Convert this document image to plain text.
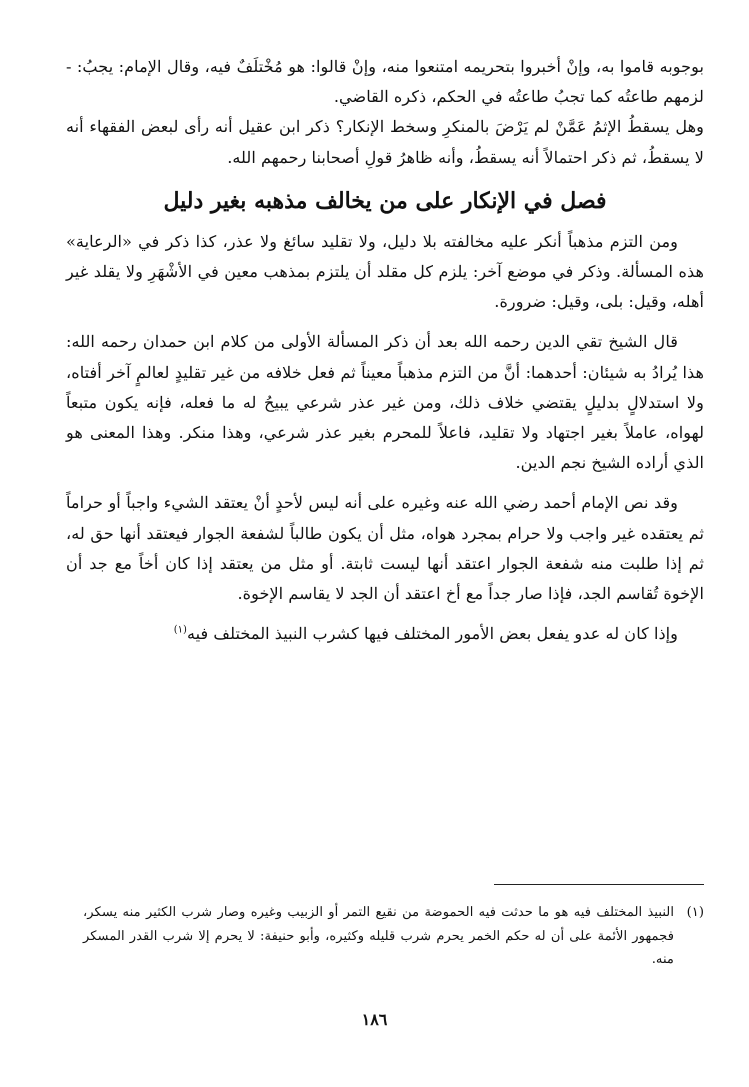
بوجوبه قاموا به، وإنْ أخبروا بتحريمه امتنعوا منه، وإنْ قالوا: هو مُخْتلَفٌ فيه، وقال الإمام: يجبُ: - لزمهم طاعتُه كما تجبُ طاعتُه في الحكم، ذكره القاضي.

وهل يسقطُ الإثمُ عَمَّنْ لم يَرْضَ بالمنكرِ وسخط الإنكار؟ ذكر ابن عقيل أنه رأى لبعض الفقهاء أنه لا يسقطُ، ثم ذكر احتمالاً أنه يسقطُ، وأنه ظاهرُ قولِ أصحابنا رحمهم الله.

فصل في الإنكار على من يخالف مذهبه بغير دليل

ومن التزم مذهباً أنكر عليه مخالفته بلا دليل، ولا تقليد سائغ ولا عذر، كذا ذكر في «الرعاية» هذه المسألة. وذكر في موضع آخر: يلزم كل مقلد أن يلتزم بمذهب معين في الأشْهَرِ ولا يقلد غير أهله، وقيل: بلى، وقيل: ضرورة.

قال الشيخ تقي الدين رحمه الله بعد أن ذكر المسألة الأولى من كلام ابن حمدان رحمه الله: هذا يُرادُ به شيئان: أحدهما: أنَّ من التزم مذهباً معيناً ثم فعل خلافه من غير تقليدٍ لعالمٍ آخر أفتاه، ولا استدلالٍ بدليلٍ يقتضي خلاف ذلك، ومن غير عذر شرعي يبيحُ له ما فعله، فإنه يكون متبعاً لهواه، عاملاً بغير اجتهاد ولا تقليد، فاعلاً للمحرم بغير عذر شرعي، وهذا منكر. وهذا المعنى هو الذي أراده الشيخ نجم الدين.

وقد نص الإمام أحمد رضي الله عنه وغيره على أنه ليس لأحدٍ أنْ يعتقد الشيء واجباً أو حراماً ثم يعتقده غير واجب ولا حرام بمجرد هواه، مثل أن يكون طالباً لشفعة الجوار فيعتقد أنها حق له، ثم إذا طلبت منه شفعة الجوار اعتقد أنها ليست ثابتة. أو مثل من يعتقد إذا كان أخاً مع جد أن الإخوة تُقاسم الجد، فإذا صار جداً مع أخ اعتقد أن الجد لا يقاسم الإخوة.

وإذا كان له عدو يفعل بعض الأمور المختلف فيها كشرب النبيذ المختلف فيه$^{(١)}$

(١)
النبيذ المختلف فيه هو ما حدثت فيه الحموضة من نقيع التمر أو الزبيب وغيره وصار شرب الكثير منه يسكر، فجمهور الأئمة على أن له حكم الخمر يحرم شرب قليله وكثيره، وأبو حنيفة: لا يحرم إلا شرب القدر المسكر منه.
١٨٦
